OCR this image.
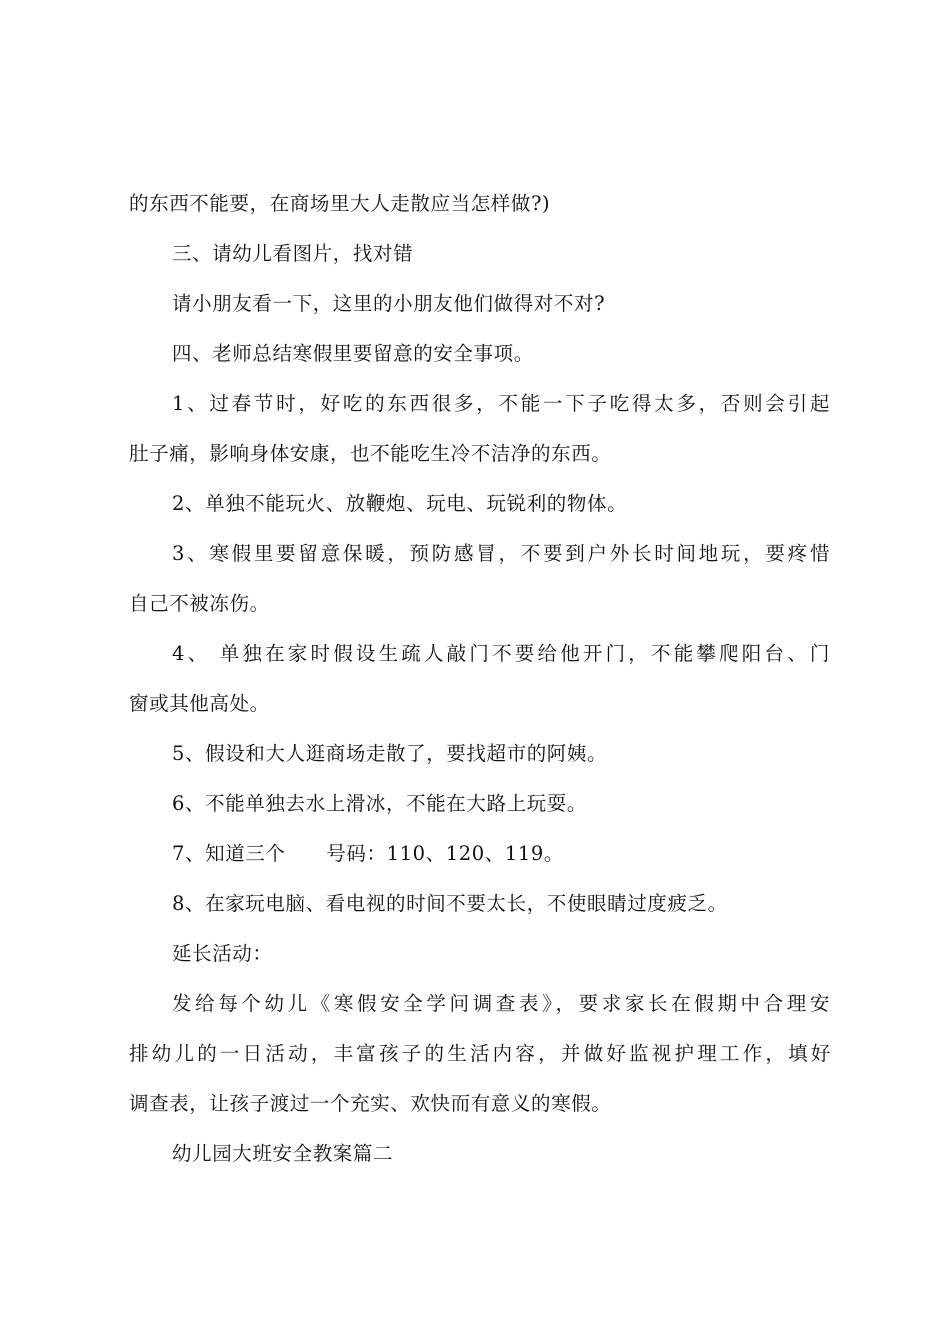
的东西不能要，在商场里大人走散应当怎样做?)
三、请幼儿看图片，找对错
请小朋友看一下，这里的小朋友他们做得对不对?
四、老师总结寒假里要留意的安全事项。
1、过春节时，好吃的东西很多，不能一下子吃得太多，否则会引起
肚子痛，影响身体安康，也不能吃生冷不洁净的东西。
2、单独不能玩火、放鞭炮、玩电、玩锐利的物体。
3、寒假里要留意保暖，预防感冒，不要到户外长时间地玩，要疼惜
自己不被冻伤。
4、 单独在家时假设生疏人敲门不要给他开门，不能攀爬阳台、门
窗或其他高处。
5、假设和大人逛商场走散了，要找超市的阿姨。
6、不能单独去水上滑冰，不能在大路上玩耍。
7、知道三个      号码：110、120、119。
8、在家玩电脑、看电视的时间不要太长，不使眼睛过度疲乏。
延长活动：
发给每个幼儿《寒假安全学问调查表》，要求家长在假期中合理安
排幼儿的一日活动，丰富孩子的生活内容，并做好监视护理工作，填好
调查表，让孩子渡过一个充实、欢快而有意义的寒假。
幼儿园大班安全教案篇二
